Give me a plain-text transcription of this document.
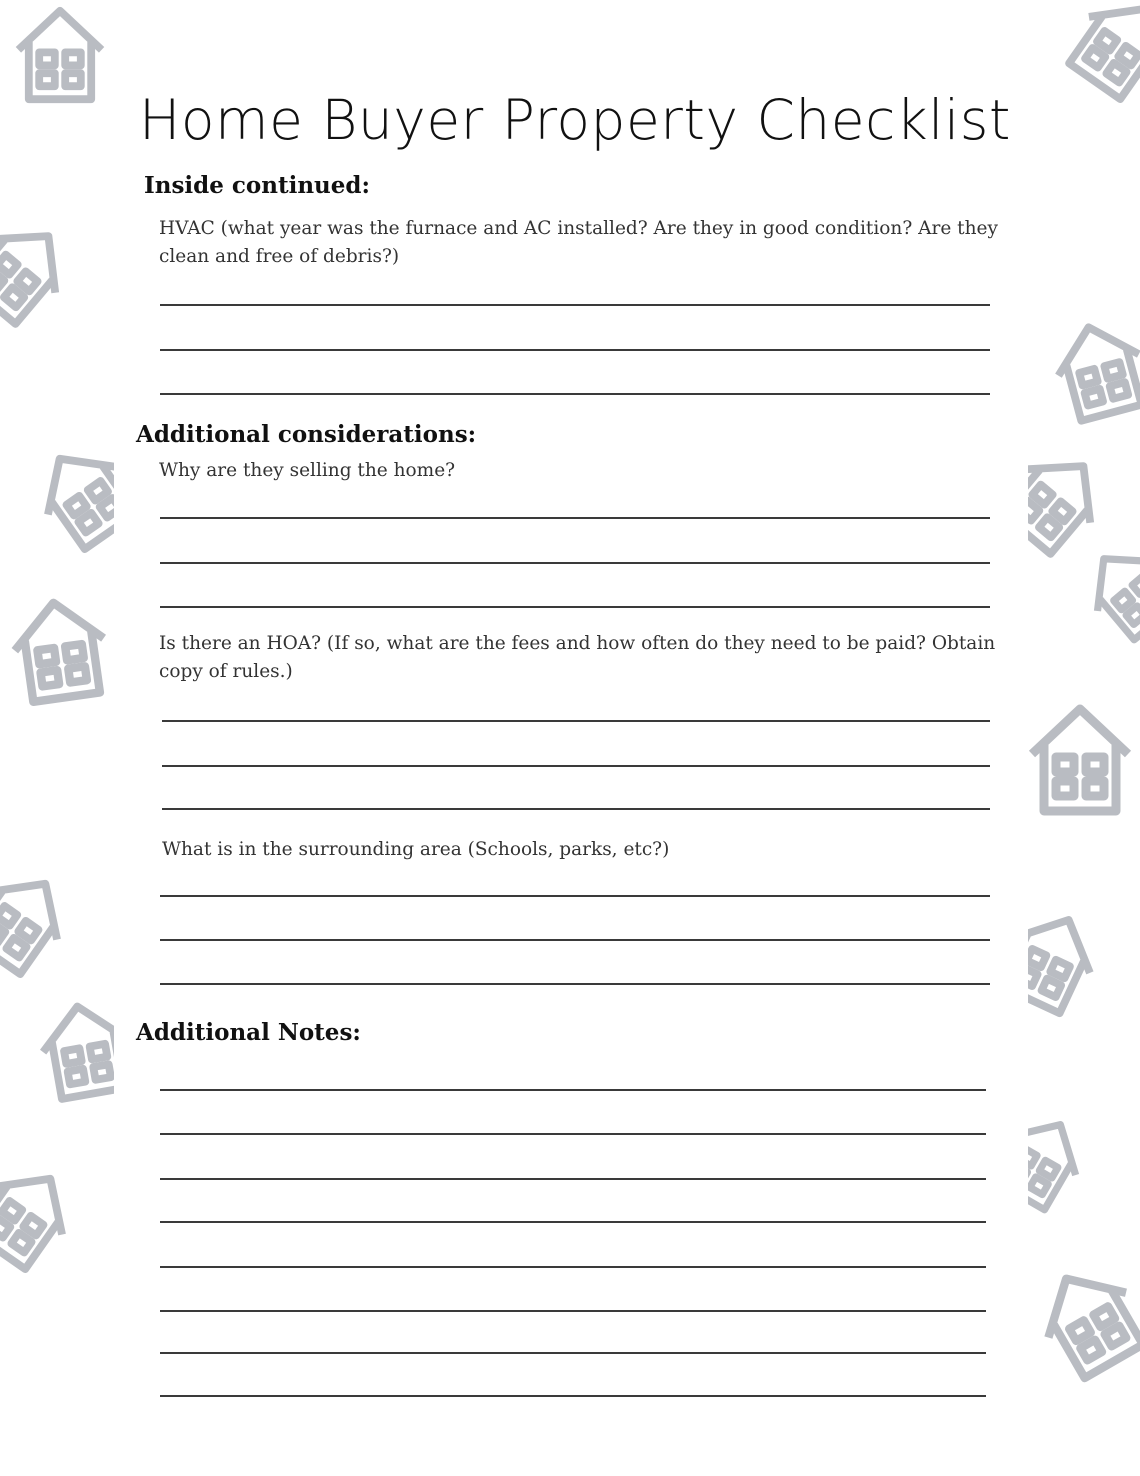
Home Buyer Property Checklist
Inside continued:

HVAC (what year was the furnace and AC installed? Are they in good condition? Are they clean and free of debris?)

Additional considerations:

Why are they selling the home?

Is there an HOA? (If so, what are the fees and how often do they need to be paid? Obtain copy of rules.)

What is in the surrounding area (Schools, parks, etc?)

Additional Notes:
